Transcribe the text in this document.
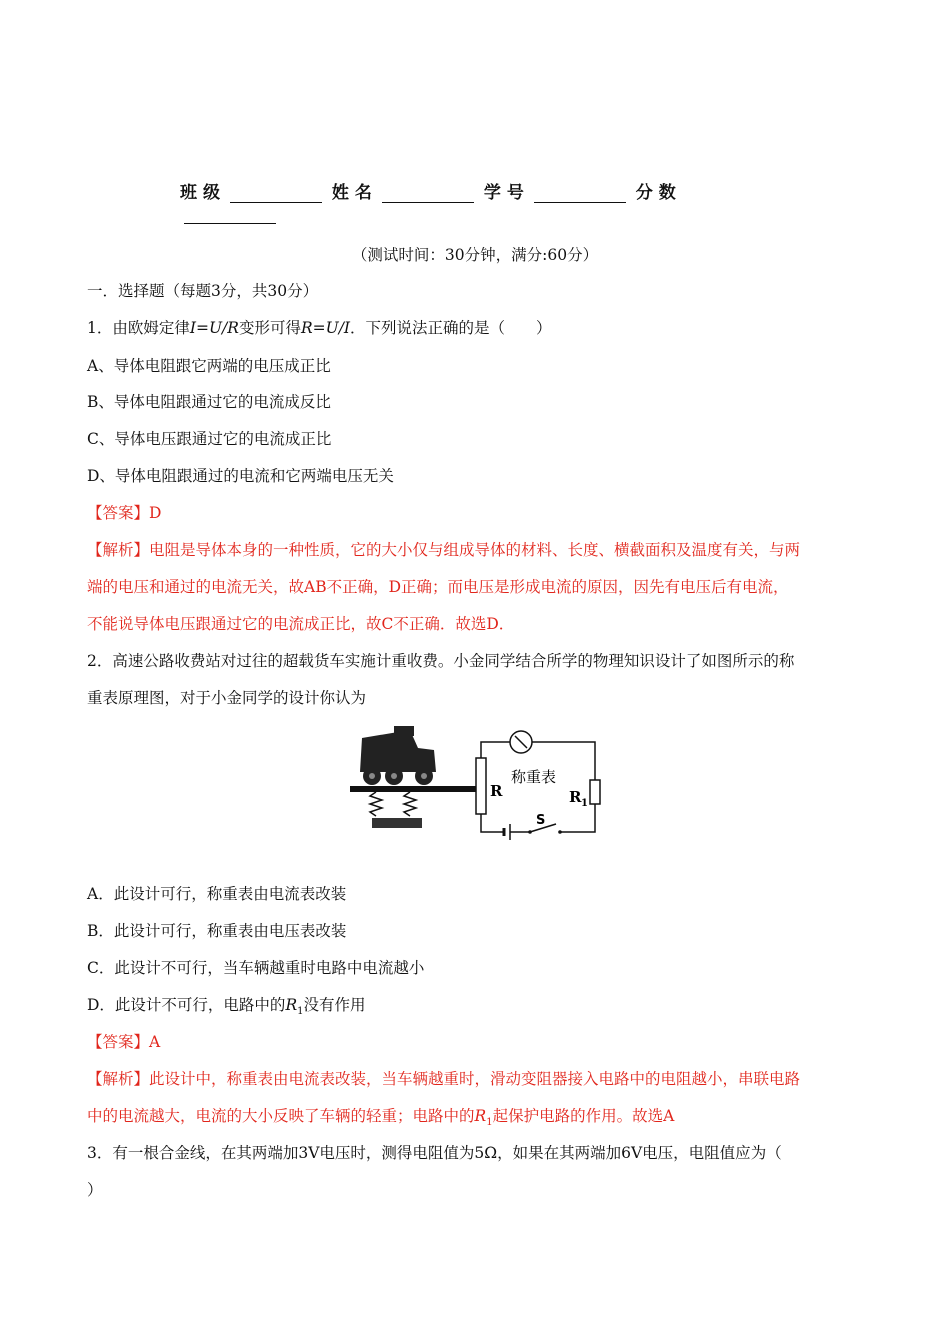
班级	姓名	学号	分数
（测试时间：30分钟，满分:60分）
一．选择题（每题3分，共30分）
1．由欧姆定律I=U/R变形可得R=U/I．下列说法正确的是（　　）
A、导体电阻跟它两端的电压成正比
B、导体电阻跟通过它的电流成反比
C、导体电压跟通过它的电流成正比
D、导体电阻跟通过的电流和它两端电压无关
【答案】D
【解析】电阻是导体本身的一种性质，它的大小仅与组成导体的材料、长度、横截面积及温度有关，与两
端的电压和通过的电流无关，故AB不正确，D正确；而电压是形成电流的原因，因先有电压后有电流，
不能说导体电压跟通过它的电流成正比，故C不正确．故选D．
2．高速公路收费站对过往的超载货车实施计重收费。小金同学结合所学的物理知识设计了如图所示的称
重表原理图，对于小金同学的设计你认为
称重表
R	R 1
S
A．此设计可行，称重表由电流表改装
B．此设计可行，称重表由电压表改装
C．此设计不可行，当车辆越重时电路中电流越小
D．此设计不可行，电路中的$R_1$没有作用
【答案】A
【解析】此设计中，称重表由电流表改装，当车辆越重时，滑动变阻器接入电路中的电阻越小，串联电路
中的电流越大，电流的大小反映了车辆的轻重；电路中的$R_1$起保护电路的作用。故选A
3．有一根合金线，在其两端加3V电压时，测得电阻值为5Ω，如果在其两端加6V电压，电阻值应为（
）
